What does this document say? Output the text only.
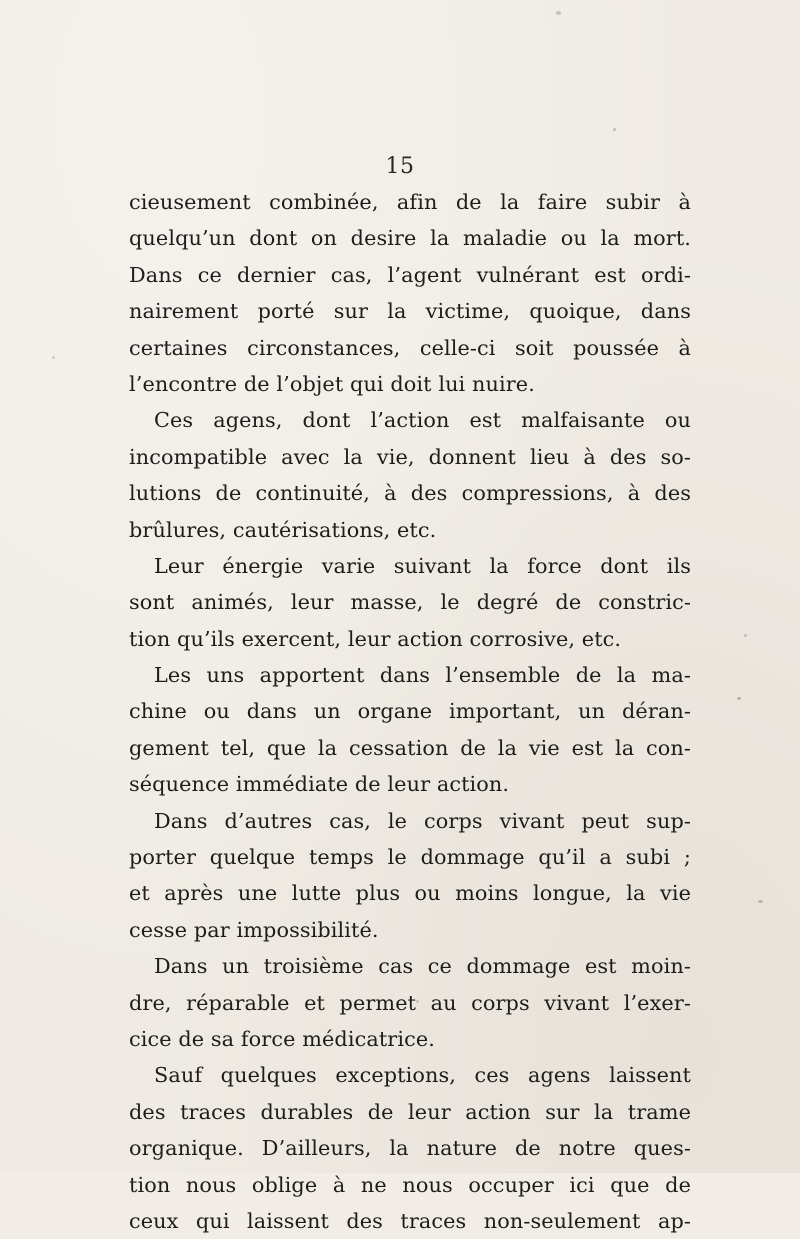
15
cieusement combinée, afin de la faire subir à
quelqu’un dont on desire la maladie ou la mort.
Dans ce dernier cas, l’agent vulnérant est ordi-
nairement porté sur la victime, quoique, dans
certaines circonstances, celle-ci soit poussée à
l’encontre de l’objet qui doit lui nuire.
Ces agens, dont l’action est malfaisante ou
incompatible avec la vie, donnent lieu à des so-
lutions de continuité, à des compressions, à des
brûlures, cautérisations, etc.
Leur énergie varie suivant la force dont ils
sont animés, leur masse, le degré de constric-
tion qu’ils exercent, leur action corrosive, etc.
Les uns apportent dans l’ensemble de la ma-
chine ou dans un organe important, un déran-
gement tel, que la cessation de la vie est la con-
séquence immédiate de leur action.
Dans d’autres cas, le corps vivant peut sup-
porter quelque temps le dommage qu’il a subi ;
et après une lutte plus ou moins longue, la vie
cesse par impossibilité.
Dans un troisième cas ce dommage est moin-
dre, réparable et permet au corps vivant l’exer-
cice de sa force médicatrice.
Sauf quelques exceptions, ces agens laissent
des traces durables de leur action sur la trame
organique. D’ailleurs, la nature de notre ques-
tion nous oblige à ne nous occuper ici que de
ceux qui laissent des traces non-seulement ap-
